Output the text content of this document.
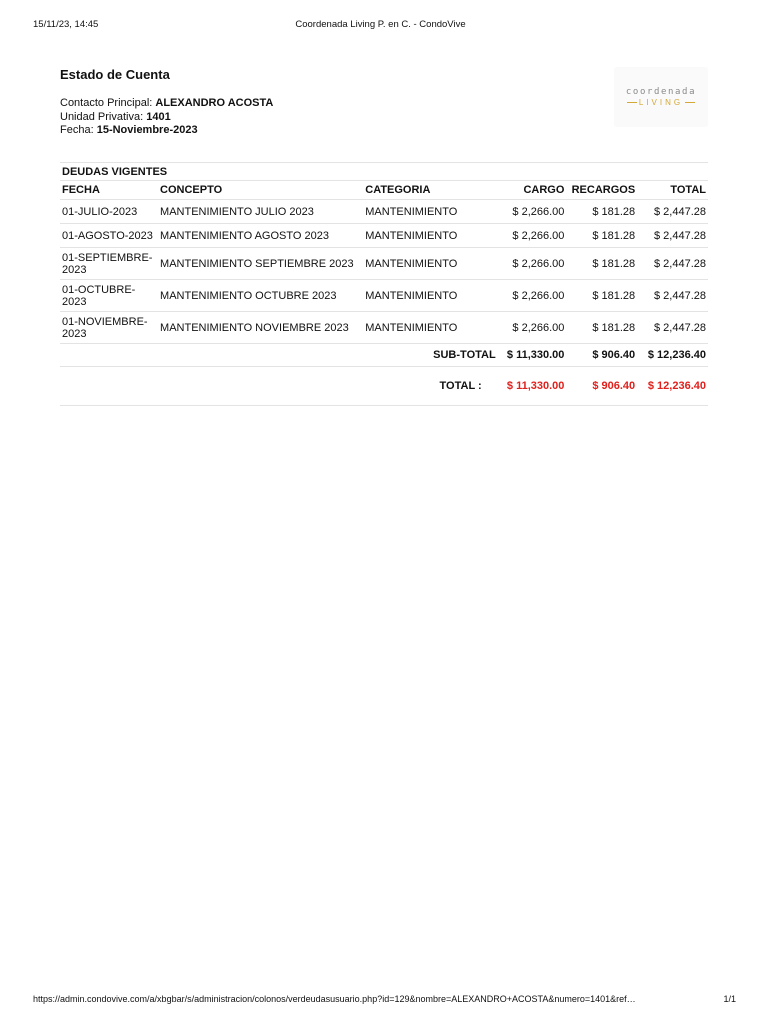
15/11/23, 14:45	Coordenada Living P. en C. - CondoVive
Estado de Cuenta
Contacto Principal: ALEXANDRO ACOSTA
Unidad Privativa: 1401
Fecha: 15-Noviembre-2023
coordenada
LIVING
DEUDAS VIGENTES					
FECHA	CONCEPTO	CATEGORIA	CARGO	RECARGOS	TOTAL
01-JULIO-2023	MANTENIMIENTO JULIO 2023	MANTENIMIENTO	$ 2,266.00	$ 181.28	$ 2,447.28
01-AGOSTO-2023	MANTENIMIENTO AGOSTO 2023	MANTENIMIENTO	$ 2,266.00	$ 181.28	$ 2,447.28
01-SEPTIEMBRE-2023	MANTENIMIENTO SEPTIEMBRE 2023	MANTENIMIENTO	$ 2,266.00	$ 181.28	$ 2,447.28
01-OCTUBRE-2023	MANTENIMIENTO OCTUBRE 2023	MANTENIMIENTO	$ 2,266.00	$ 181.28	$ 2,447.28
01-NOVIEMBRE-2023	MANTENIMIENTO NOVIEMBRE 2023	MANTENIMIENTO	$ 2,266.00	$ 181.28	$ 2,447.28
SUB-TOTAL			$ 11,330.00	$ 906.40	$ 12,236.40
TOTAL :			$ 11,330.00	$ 906.40	$ 12,236.40
https://admin.condovive.com/a/xbgbar/s/administracion/colonos/verdeudasusuario.php?id=129&nombre=ALEXANDRO+ACOSTA&numero=1401&ref…	1/1
